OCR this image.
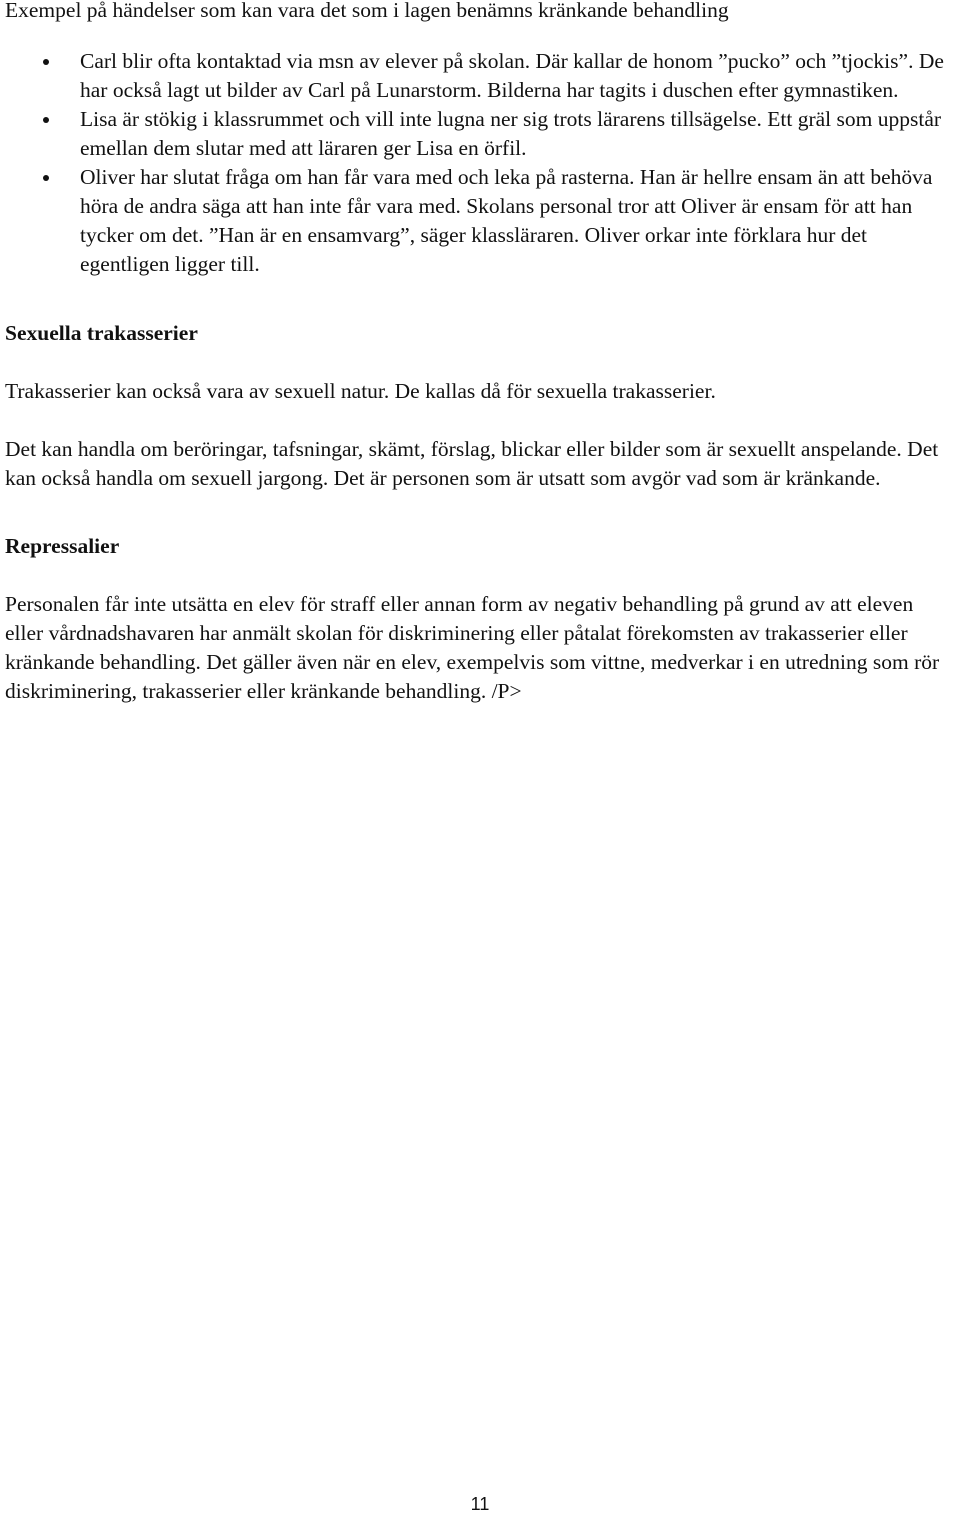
Exempel på händelser som kan vara det som i lagen benämns kränkande behandling

Carl blir ofta kontaktad via msn av elever på skolan. Där kallar de honom ”pucko” och ”tjockis”. De har också lagt ut bilder av Carl på Lunarstorm. Bilderna har tagits i duschen efter gymnastiken.
Lisa är stökig i klassrummet och vill inte lugna ner sig trots lärarens tillsägelse. Ett gräl som uppstår emellan dem slutar med att läraren ger Lisa en örfil.
Oliver har slutat fråga om han får vara med och leka på rasterna. Han är hellre ensam än att behöva höra de andra säga att han inte får vara med. Skolans personal tror att Oliver är ensam för att han tycker om det. ”Han är en ensamvarg”, säger klassläraren. Oliver orkar inte förklara hur det egentligen ligger till.

Sexuella trakasserier

Trakasserier kan också vara av sexuell natur. De kallas då för sexuella trakasserier.

Det kan handla om beröringar, tafsningar, skämt, förslag, blickar eller bilder som är sexuellt anspelande. Det kan också handla om sexuell jargong. Det är personen som är utsatt som avgör vad som är kränkande.

Repressalier

Personalen får inte utsätta en elev för straff eller annan form av negativ behandling på grund av att eleven eller vårdnadshavaren har anmält skolan för diskriminering eller påtalat förekomsten av trakasserier eller kränkande behandling. Det gäller även när en elev, exempelvis som vittne, medverkar i en utredning som rör diskriminering, trakasserier eller kränkande behandling. /P>

11
